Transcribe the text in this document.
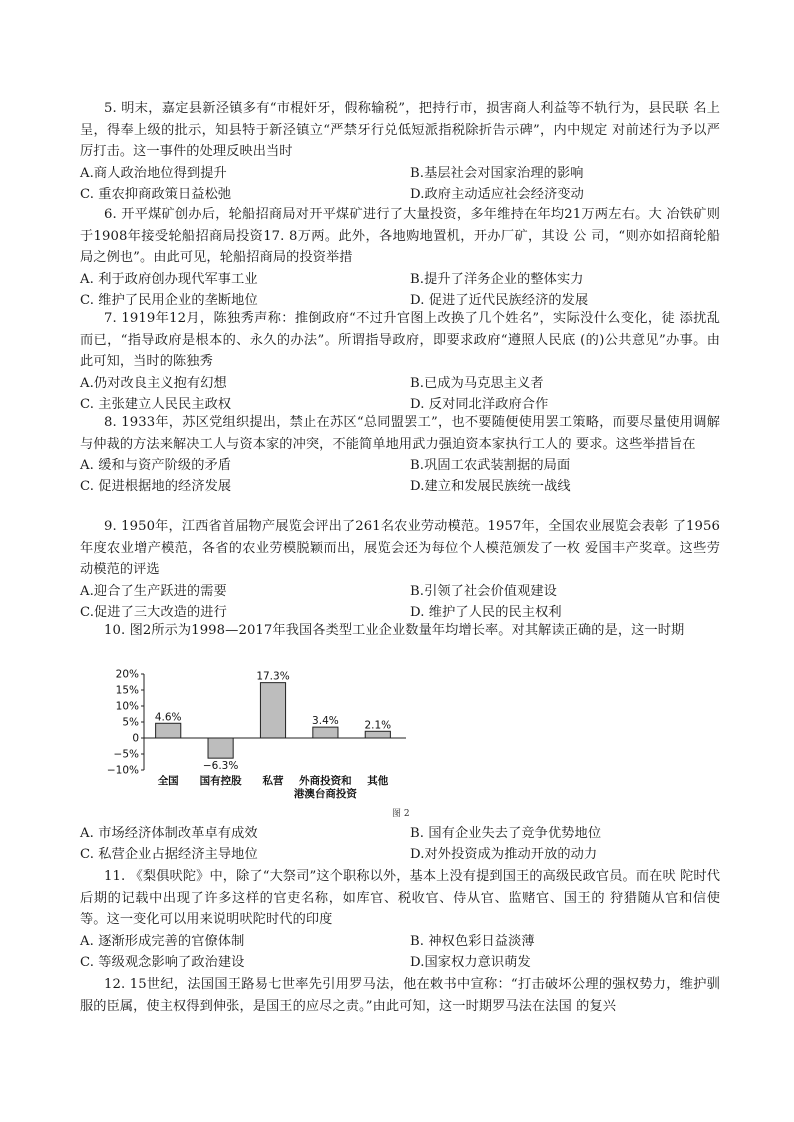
5. 明末，嘉定县新泾镇多有“市棍奸牙，假称输税”，把持行市，损害商人利益等不轨行为，县民联 名上呈，得奉上级的批示，知县特于新泾镇立“严禁牙行兑低短派指税除折告示碑”，内中规定 对前述行为予以严厉打击。这一事件的处理反映出当时

A.商人政治地位得到提升	B.基层社会对国家治理的影响
C. 重农抑商政策日益松弛	D.政府主动适应社会经济变动

6. 开平煤矿创办后，轮船招商局对开平煤矿进行了大量投资，多年维持在年均21万两左右。大 冶铁矿则于1908年接受轮船招商局投资17. 8万两。此外，各地购地置机，开办厂矿，其设 公 司，“则亦如招商轮船局之例也”。由此可见，轮船招商局的投资举措

A. 利于政府创办现代军事工业	B.提升了洋务企业的整体实力
C. 维护了民用企业的垄断地位	D. 促进了近代民族经济的发展

7. 1919年12月，陈独秀声称：推倒政府“不过升官图上改换了几个姓名”，实际没什么变化，徒 添扰乱而已，“指导政府是根本的、永久的办法”。所谓指导政府，即要求政府“遵照人民底 (的)公共意见”办事。由此可知，当时的陈独秀

A.仍对改良主义抱有幻想	B.已成为马克思主义者
C. 主张建立人民民主政权	D. 反对同北洋政府合作

8. 1933年，苏区党组织提出，禁止在苏区“总同盟罢工”，也不要随便使用罢工策略，而要尽量使用调解与仲裁的方法来解决工人与资本家的冲突，不能简单地用武力强迫资本家执行工人的 要求。这些举措旨在

A. 缓和与资产阶级的矛盾	B.巩固工农武装割据的局面
C. 促进根据地的经济发展	D.建立和发展民族统一战线

9. 1950年，江西省首届物产展览会评出了261名农业劳动模范。1957年，全国农业展览会表彰 了1956年度农业增产模范，各省的农业劳模脱颖而出，展览会还为每位个人模范颁发了一枚 爱国丰产奖章。这些劳动模范的评选

A.迎合了生产跃进的需要	B.引领了社会价值观建设
C.促进了三大改造的进行	D. 维护了人民的民主权利

10. 图2所示为1998—2017年我国各类型工业企业数量年均增长率。对其解读正确的是，这一时期

20%
15%
10%
5%
0
−5%
−10%
4.6%
全国
−6.3%
国有控股
17.3%
私营
3.4%
外商投资和
港澳台商投资
2.1%
其他
图 2
A. 市场经济体制改革卓有成效	B. 国有企业失去了竞争优势地位
C. 私营企业占据经济主导地位	D.对外投资成为推动开放的动力

11. 《梨俱吠陀》中，除了“大祭司”这个职称以外，基本上没有提到国王的高级民政官员。而在吠 陀时代后期的记载中出现了许多这样的官吏名称，如库官、税收官、侍从官、监赌官、国王的 狩猎随从官和信使等。这一变化可以用来说明吠陀时代的印度

A. 逐渐形成完善的官僚体制	B. 神权色彩日益淡薄
C. 等级观念影响了政治建设	D.国家权力意识萌发

12. 15世纪，法国国王路易七世率先引用罗马法，他在敕书中宣称：“打击破坏公理的强权势力，维护驯服的臣属，使主权得到伸张，是国王的应尽之责。”由此可知，这一时期罗马法在法国 的复兴
